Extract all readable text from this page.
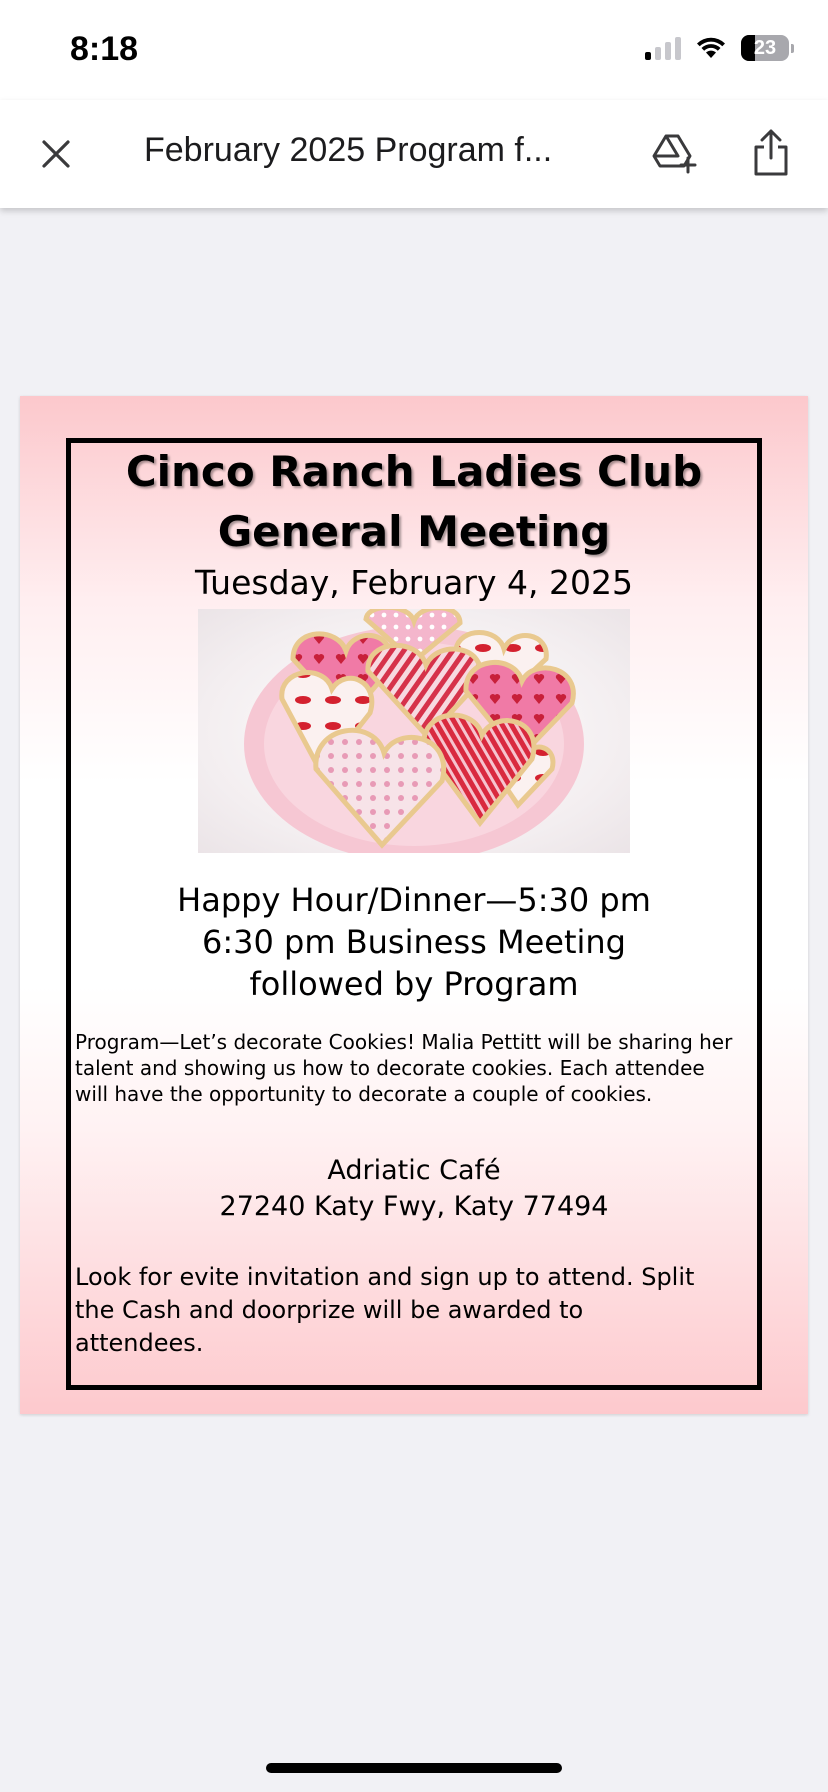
8:18	23
February 2025 Program f...
Cinco Ranch Ladies Club
General Meeting
Tuesday, February 4, 2025
Happy Hour/Dinner—5:30 pm
6:30 pm Business Meeting
followed by Program
Program—Let’s decorate Cookies! Malia Pettitt will be sharing her talent and showing us how to decorate cookies. Each attendee will have the opportunity to decorate a couple of cookies.
Adriatic Café
27240 Katy Fwy, Katy 77494
Look for evite invitation and sign up to attend. Split the Cash and doorprize will be awarded to attendees.
